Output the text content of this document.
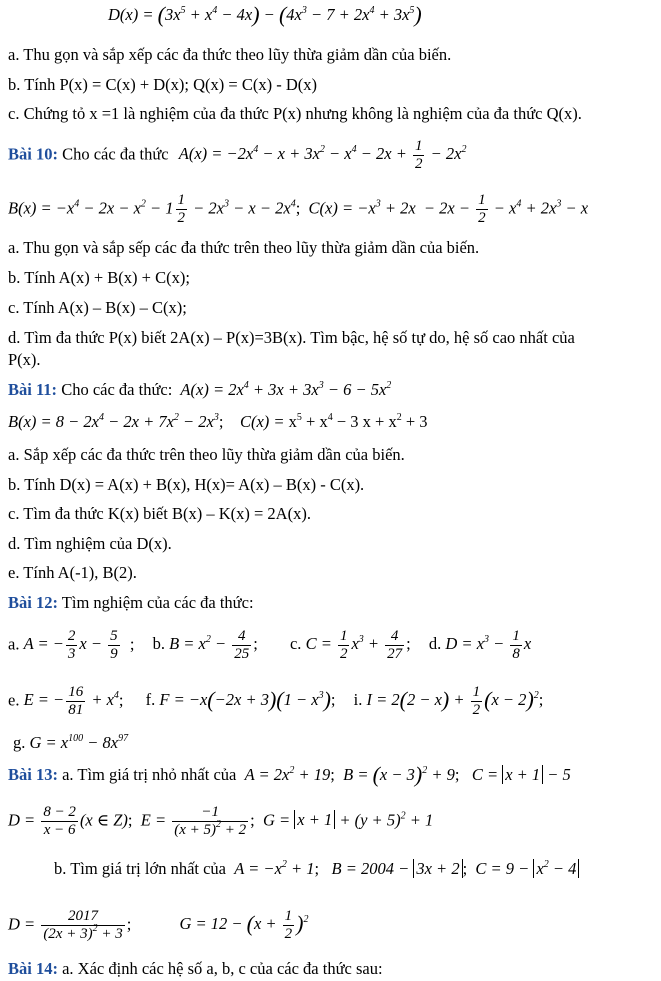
$D(x) = (3x^5 + x^4 - 4x) - (4x^3 - 7 + 2x^4 + 3x^5)$
a. Thu gọn và sắp xếp các đa thức theo lũy thừa giảm dần của biến.
b. Tính P(x) = C(x) + D(x); Q(x) = C(x) - D(x)
c. Chứng tỏ x =1 là nghiệm của đa thức P(x) nhưng không là nghiệm của đa thức Q(x).
Bài 10: Cho các đa thức $A(x) = -2x^4 - x + 3x^2 - x^4 - 2x + \frac{1}{2} - 2x^2$
$B(x) = -x^4 - 2x - x^2 - 1 \frac{1}{2} - 2x^3 - x - 2x^4$;  $C(x) = -x^3 + 2x - 2x - \frac{1}{2} - x^4 + 2x^3 - x$
a. Thu gọn và sắp sếp các đa thức trên theo lũy thừa giảm dần của biến.
b. Tính A(x) + B(x) + C(x);
c. Tính A(x) – B(x) – C(x);
d. Tìm đa thức P(x) biết 2A(x) – P(x)=3B(x). Tìm bậc, hệ số tự do, hệ số cao nhất của
P(x).
Bài 11: Cho các đa thức: $A(x) = 2x^4 + 3x + 3x^3 - 6 - 5x^2$
$B(x) = 8 - 2x^4 - 2x + 7x^2 - 2x^3$;    $C(x) = x^5 + x^4 - 3$ $x + x^2 + 3$
a. Sắp xếp các đa thức trên theo lũy thừa giảm dần của biến.
b. Tính D(x) = A(x) + B(x), H(x)= A(x) – B(x) - C(x).
c. Tìm đa thức K(x) biết B(x) – K(x) = 2A(x).
d. Tìm nghiệm của D(x).
e. Tính A(-1), B(2).
Bài 12: Tìm nghiệm của các đa thức:
a. A = − $\frac{2}{3}$ $x - \frac{5}{9}$ ; b. $B = x^2 - \frac{4}{25}$ ; c. $C = \frac{1}{2} x^3 + \frac{4}{27}$ ; d. $D = x^3 - \frac{1}{8}$ x
e. E = − $\frac{16}{81} + x^4$; f. $F = -x(-2x + 3)(1 - x^3)$; i. $I = 2(2 - x) + \frac{1}{2} (x - 2)^2$;
g. $G = x^{100} - 8x^{97}$
Bài 13: a. Tìm giá trị nhỏ nhất của  $A = 2x^2 + 19$;  $B = (x - 3)^2 + 9$;   C = x + 1 − 5
$D = \frac{8 - 2}{x - 6} (x$ ∈ Z);  $E = \frac{-1}{(x + 5)^2 + 2}$ ;  $G = x + 1 + (y + 5)^2 + 1$
b. Tìm giá trị lớn nhất của  $A = -x^2 + 1$;   B = 2004 − 3x + 2 ;  $C = 9 - x^2 - 4$
$D = \frac{2017}{(2x + 3)^2 + 3}$ ;	$G = 12 - (x + \frac{1}{2} )^2$
Bài 14: a. Xác định các hệ số a, b, c của các đa thức sau:
